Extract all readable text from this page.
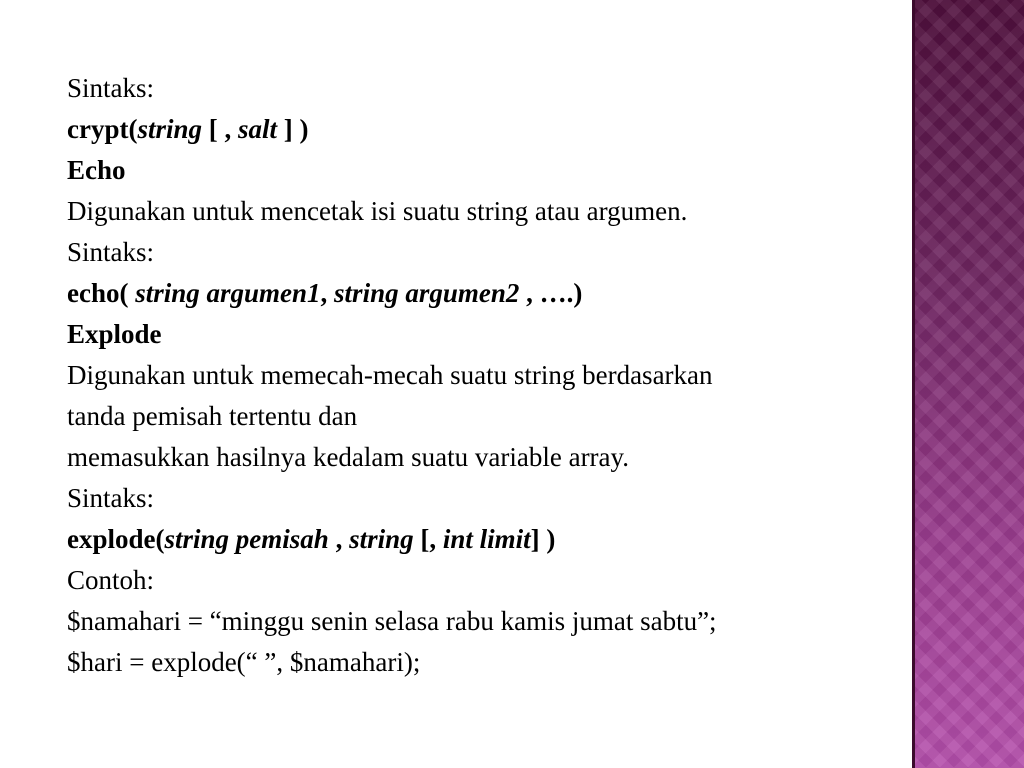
Sintaks:
crypt(string [ , salt ] )
Echo
Digunakan untuk mencetak isi suatu string atau argumen.
Sintaks:
echo( string argumen1, string argumen2 , ….)
Explode
Digunakan untuk memecah-mecah suatu string berdasarkan
tanda pemisah tertentu dan
memasukkan hasilnya kedalam suatu variable array.
Sintaks:
explode(string pemisah , string [, int limit] )
Contoh:
$namahari = “minggu senin selasa rabu kamis jumat sabtu”;
$hari = explode(“ ”, $namahari);
